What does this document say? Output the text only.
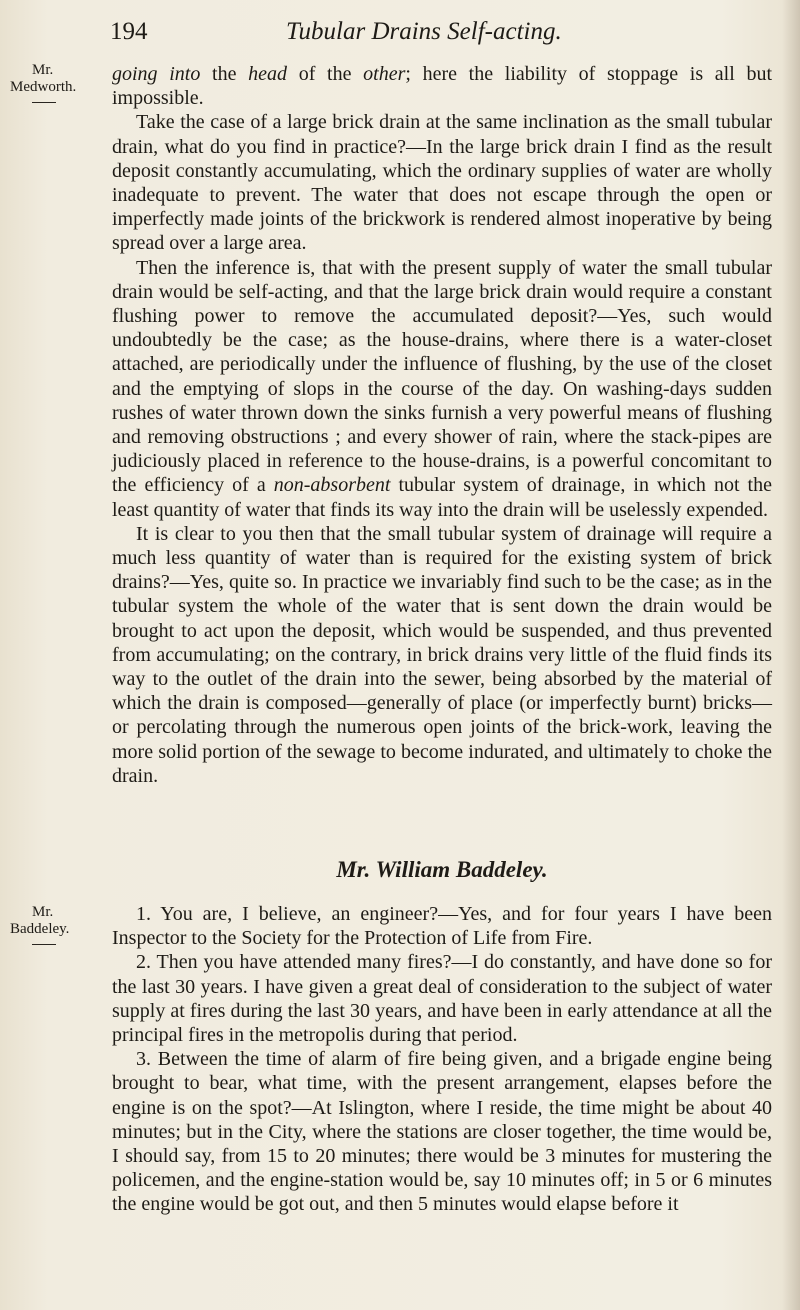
194	Tubular Drains Self-acting.
Mr.
Medworth.

going into the head of the other; here the liability of stoppage is all but impossible.

Take the case of a large brick drain at the same inclination as the small tubular drain, what do you find in practice?—In the large brick drain I find as the result deposit constantly accumulating, which the ordinary supplies of water are wholly inadequate to prevent. The water that does not escape through the open or imperfectly made joints of the brickwork is rendered almost inoperative by being spread over a large area.

Then the inference is, that with the present supply of water the small tubular drain would be self-acting, and that the large brick drain would require a constant flushing power to remove the accumulated deposit?—Yes, such would undoubtedly be the case; as the house-drains, where there is a water-closet attached, are periodically under the influence of flushing, by the use of the closet and the emptying of slops in the course of the day. On washing-days sudden rushes of water thrown down the sinks furnish a very powerful means of flushing and removing obstructions ; and every shower of rain, where the stack-pipes are judiciously placed in reference to the house-drains, is a powerful concomitant to the efficiency of a non-absorbent tubular system of drainage, in which not the least quantity of water that finds its way into the drain will be uselessly expended.

It is clear to you then that the small tubular system of drainage will require a much less quantity of water than is required for the existing system of brick drains?—Yes, quite so. In practice we invariably find such to be the case; as in the tubular system the whole of the water that is sent down the drain would be brought to act upon the deposit, which would be suspended, and thus prevented from accumulating; on the contrary, in brick drains very little of the fluid finds its way to the outlet of the drain into the sewer, being absorbed by the material of which the drain is composed—generally of place (or imperfectly burnt) bricks—or percolating through the numerous open joints of the brick-work, leaving the more solid portion of the sewage to become indurated, and ultimately to choke the drain.

Mr. William Baddeley.
Mr.
Baddeley.

1. You are, I believe, an engineer?—Yes, and for four years I have been Inspector to the Society for the Protection of Life from Fire.

2. Then you have attended many fires?—I do constantly, and have done so for the last 30 years. I have given a great deal of consideration to the subject of water supply at fires during the last 30 years, and have been in early attendance at all the principal fires in the metropolis during that period.

3. Between the time of alarm of fire being given, and a brigade engine being brought to bear, what time, with the present arrangement, elapses before the engine is on the spot?—At Islington, where I reside, the time might be about 40 minutes; but in the City, where the stations are closer together, the time would be, I should say, from 15 to 20 minutes; there would be 3 minutes for mustering the policemen, and the engine-station would be, say 10 minutes off; in 5 or 6 minutes the engine would be got out, and then 5 minutes would elapse before it
